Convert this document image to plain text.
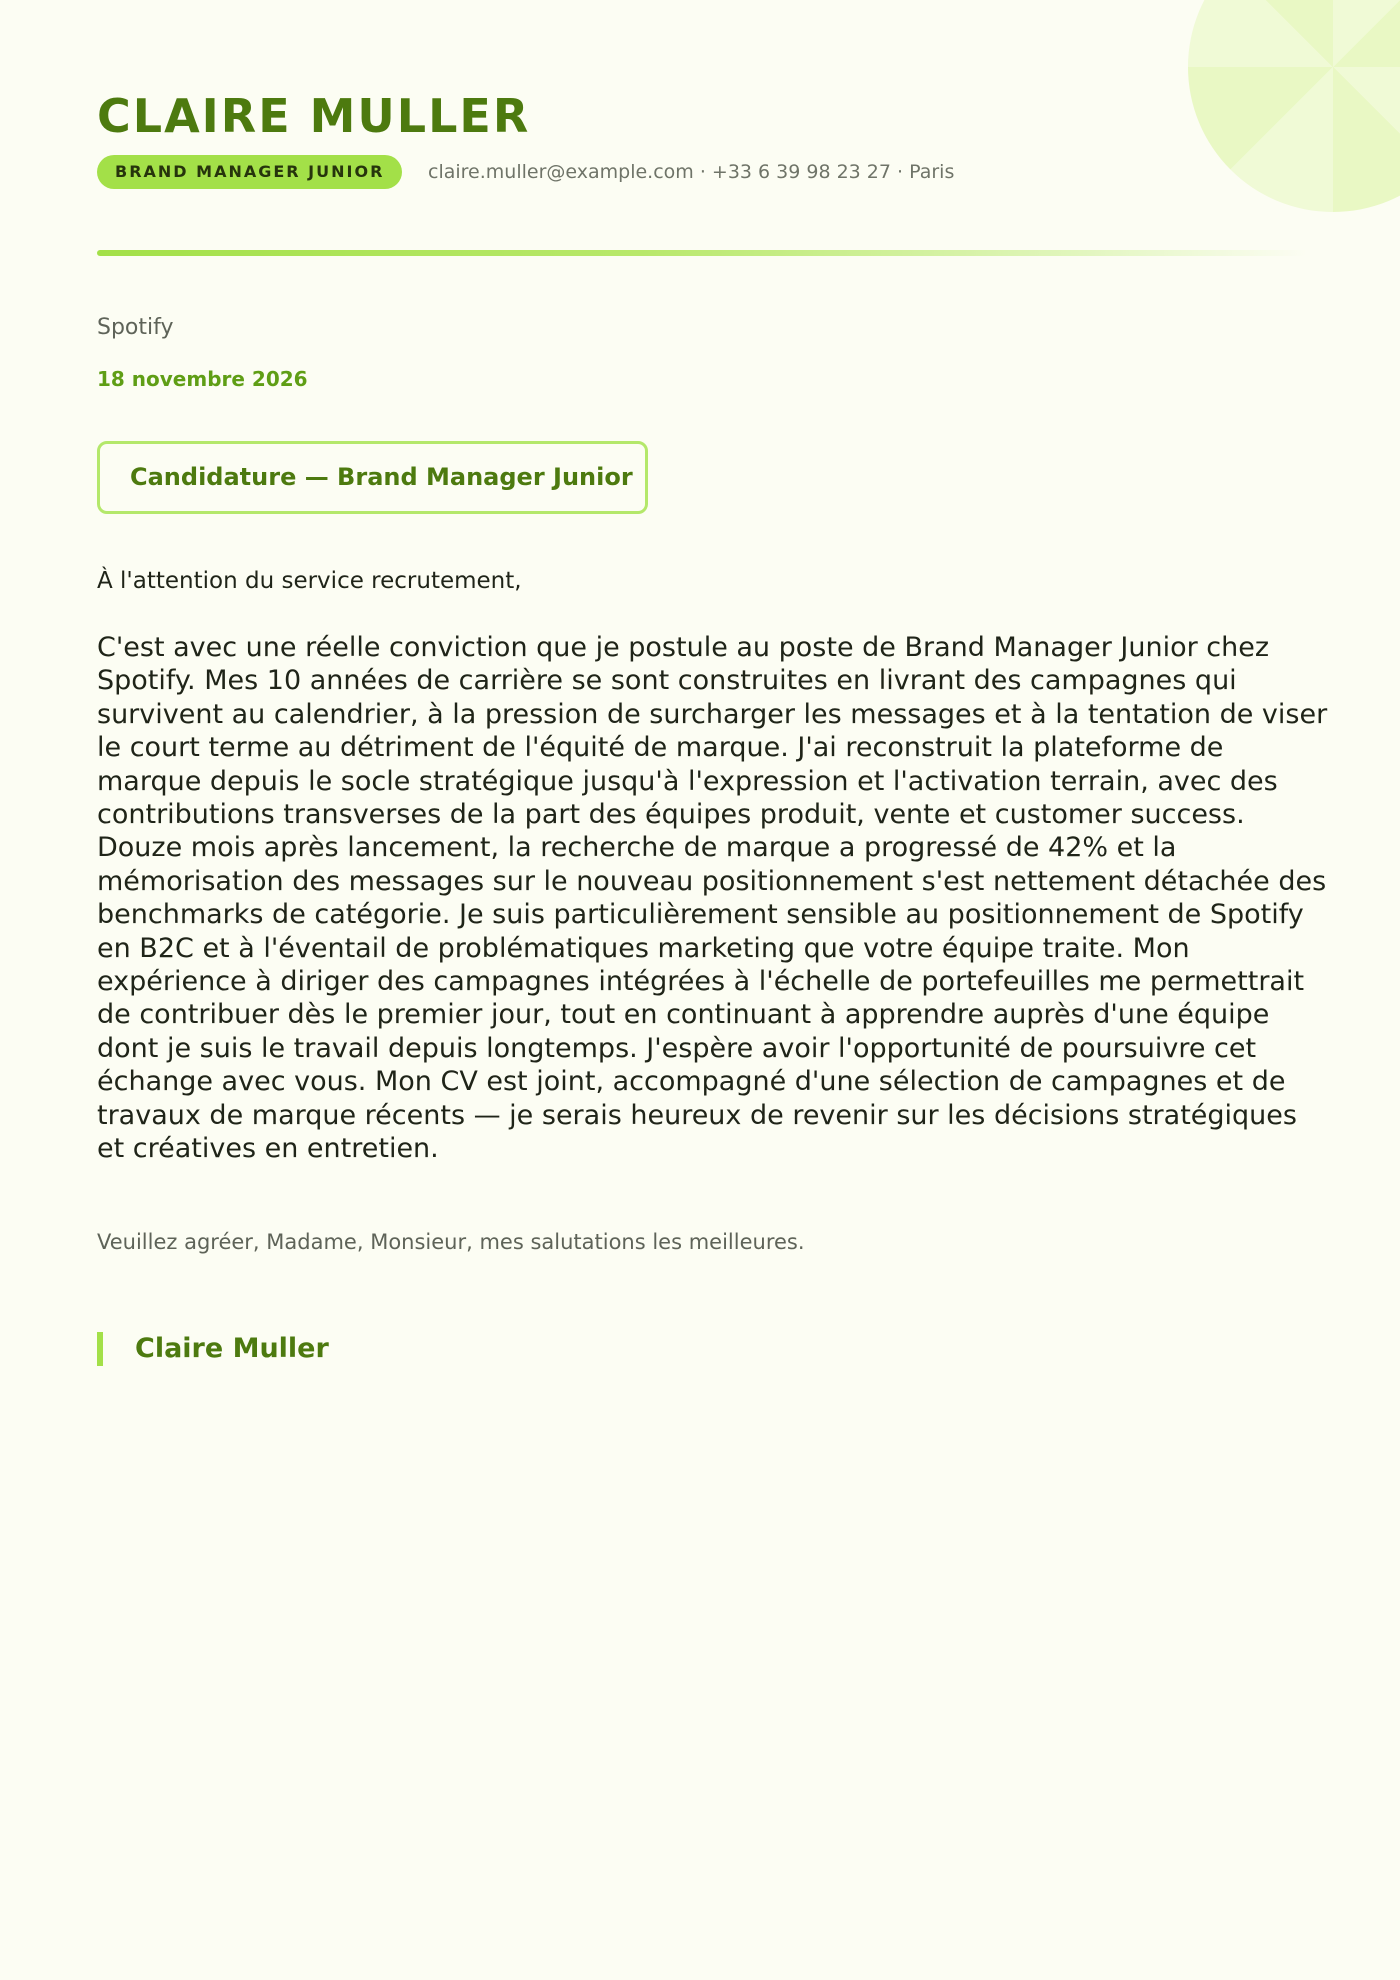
CLAIRE MULLER
BRAND MANAGER JUNIOR	claire.muller@example.com · +33 6 39 98 23 27 · Paris
Spotify
18 novembre 2026
Candidature — Brand Manager Junior

À l'attention du service recrutement,

C'est avec une réelle conviction que je postule au poste de Brand Manager Junior chez Spotify. Mes 10 années de carrière se sont construites en livrant des campagnes qui survivent au calendrier, à la pression de surcharger les messages et à la tentation de viser le court terme au détriment de l'équité de marque. J'ai reconstruit la plateforme de marque depuis le socle stratégique jusqu'à l'expression et l'activation terrain, avec des contributions transverses de la part des équipes produit, vente et customer success. Douze mois après lancement, la recherche de marque a progressé de 42% et la mémorisation des messages sur le nouveau positionnement s'est nettement détachée des benchmarks de catégorie. Je suis particulièrement sensible au positionnement de Spotify en B2C et à l'éventail de problématiques marketing que votre équipe traite. Mon expérience à diriger des campagnes intégrées à l'échelle de portefeuilles me permettrait de contribuer dès le premier jour, tout en continuant à apprendre auprès d'une équipe dont je suis le travail depuis longtemps. J'espère avoir l'opportunité de poursuivre cet échange avec vous. Mon CV est joint, accompagné d'une sélection de campagnes et de travaux de marque récents — je serais heureux de revenir sur les décisions stratégiques et créatives en entretien.

Veuillez agréer, Madame, Monsieur, mes salutations les meilleures.

Claire Muller
